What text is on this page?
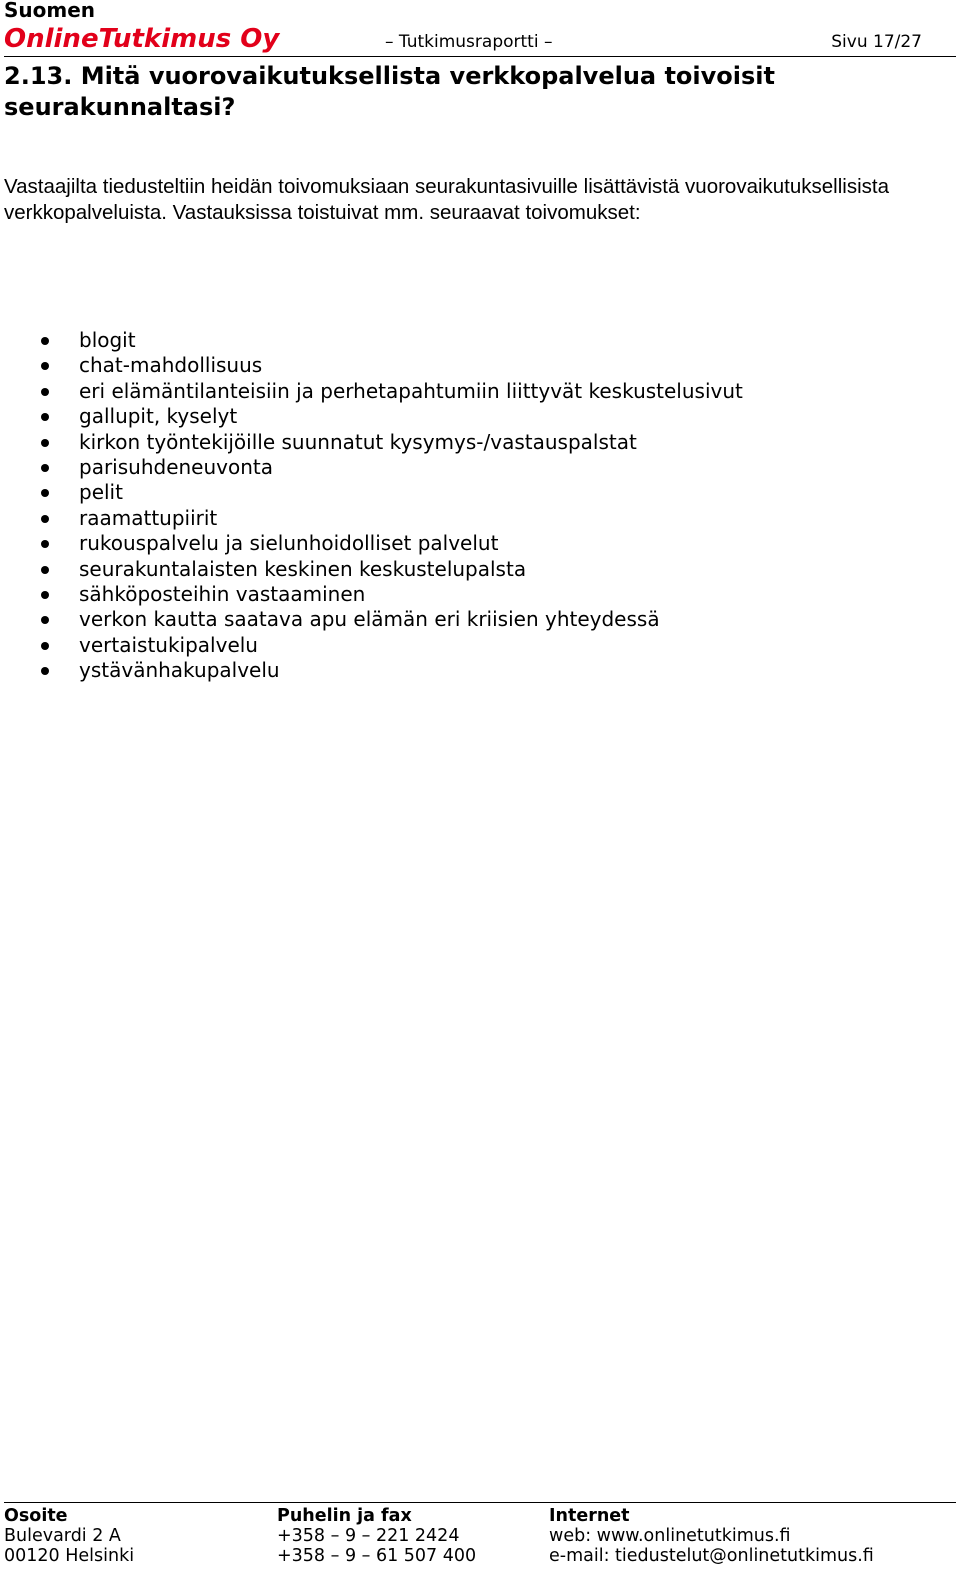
Suomen
OnlineTutkimus Oy	– Tutkimusraportti –	Sivu 17/27
2.13. Mitä vuorovaikutuksellista verkkopalvelua toivoisit seurakunnaltasi?

Vastaajilta tiedusteltiin heidän toivomuksiaan seurakuntasivuille lisättävistä vuorovaikutuksellisista verkkopalveluista. Vastauksissa toistuivat mm. seuraavat toivomukset:

blogit
chat-mahdollisuus
eri elämäntilanteisiin ja perhetapahtumiin liittyvät keskustelusivut
gallupit, kyselyt
kirkon työntekijöille suunnatut kysymys-/vastauspalstat
parisuhdeneuvonta
pelit
raamattupiirit
rukouspalvelu ja sielunhoidolliset palvelut
seurakuntalaisten keskinen keskustelupalsta
sähköposteihin vastaaminen
verkon kautta saatava apu elämän eri kriisien yhteydessä
vertaistukipalvelu
ystävänhakupalvelu
Osoite
Bulevardi 2 A
00120 Helsinki
Puhelin ja fax
+358 – 9 – 221 2424
+358 – 9 – 61 507 400
Internet
web: www.onlinetutkimus.fi
e-mail: tiedustelut@onlinetutkimus.fi
